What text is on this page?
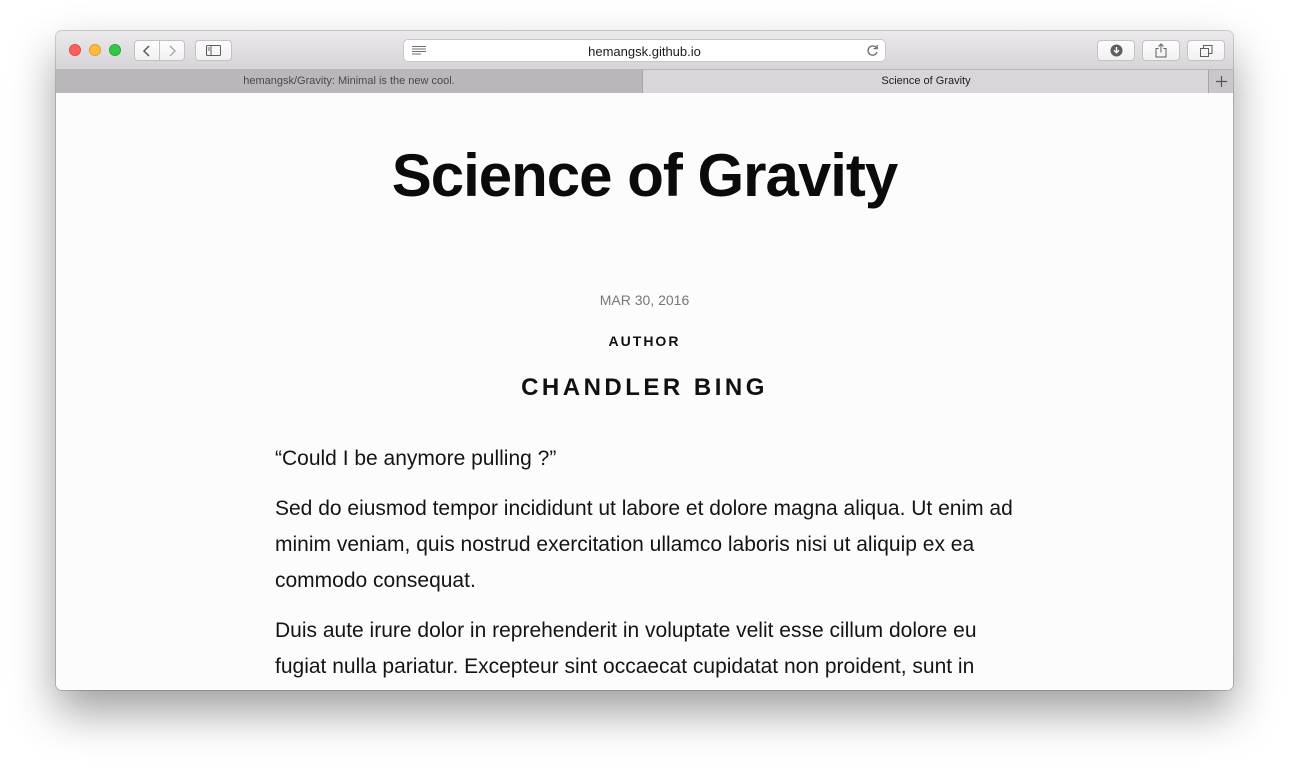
hemangsk.github.io
hemangsk/Gravity: Minimal is the new cool.	Science of Gravity
Science of Gravity
MAR 30, 2016
AUTHOR
CHANDLER BING

“Could I be anymore pulling ?”

Sed do eiusmod tempor incididunt ut labore et dolore magna aliqua. Ut enim ad minim veniam, quis nostrud exercitation ullamco laboris nisi ut aliquip ex ea commodo consequat.

Duis aute irure dolor in reprehenderit in voluptate velit esse cillum dolore eu fugiat nulla pariatur. Excepteur sint occaecat cupidatat non proident, sunt in
